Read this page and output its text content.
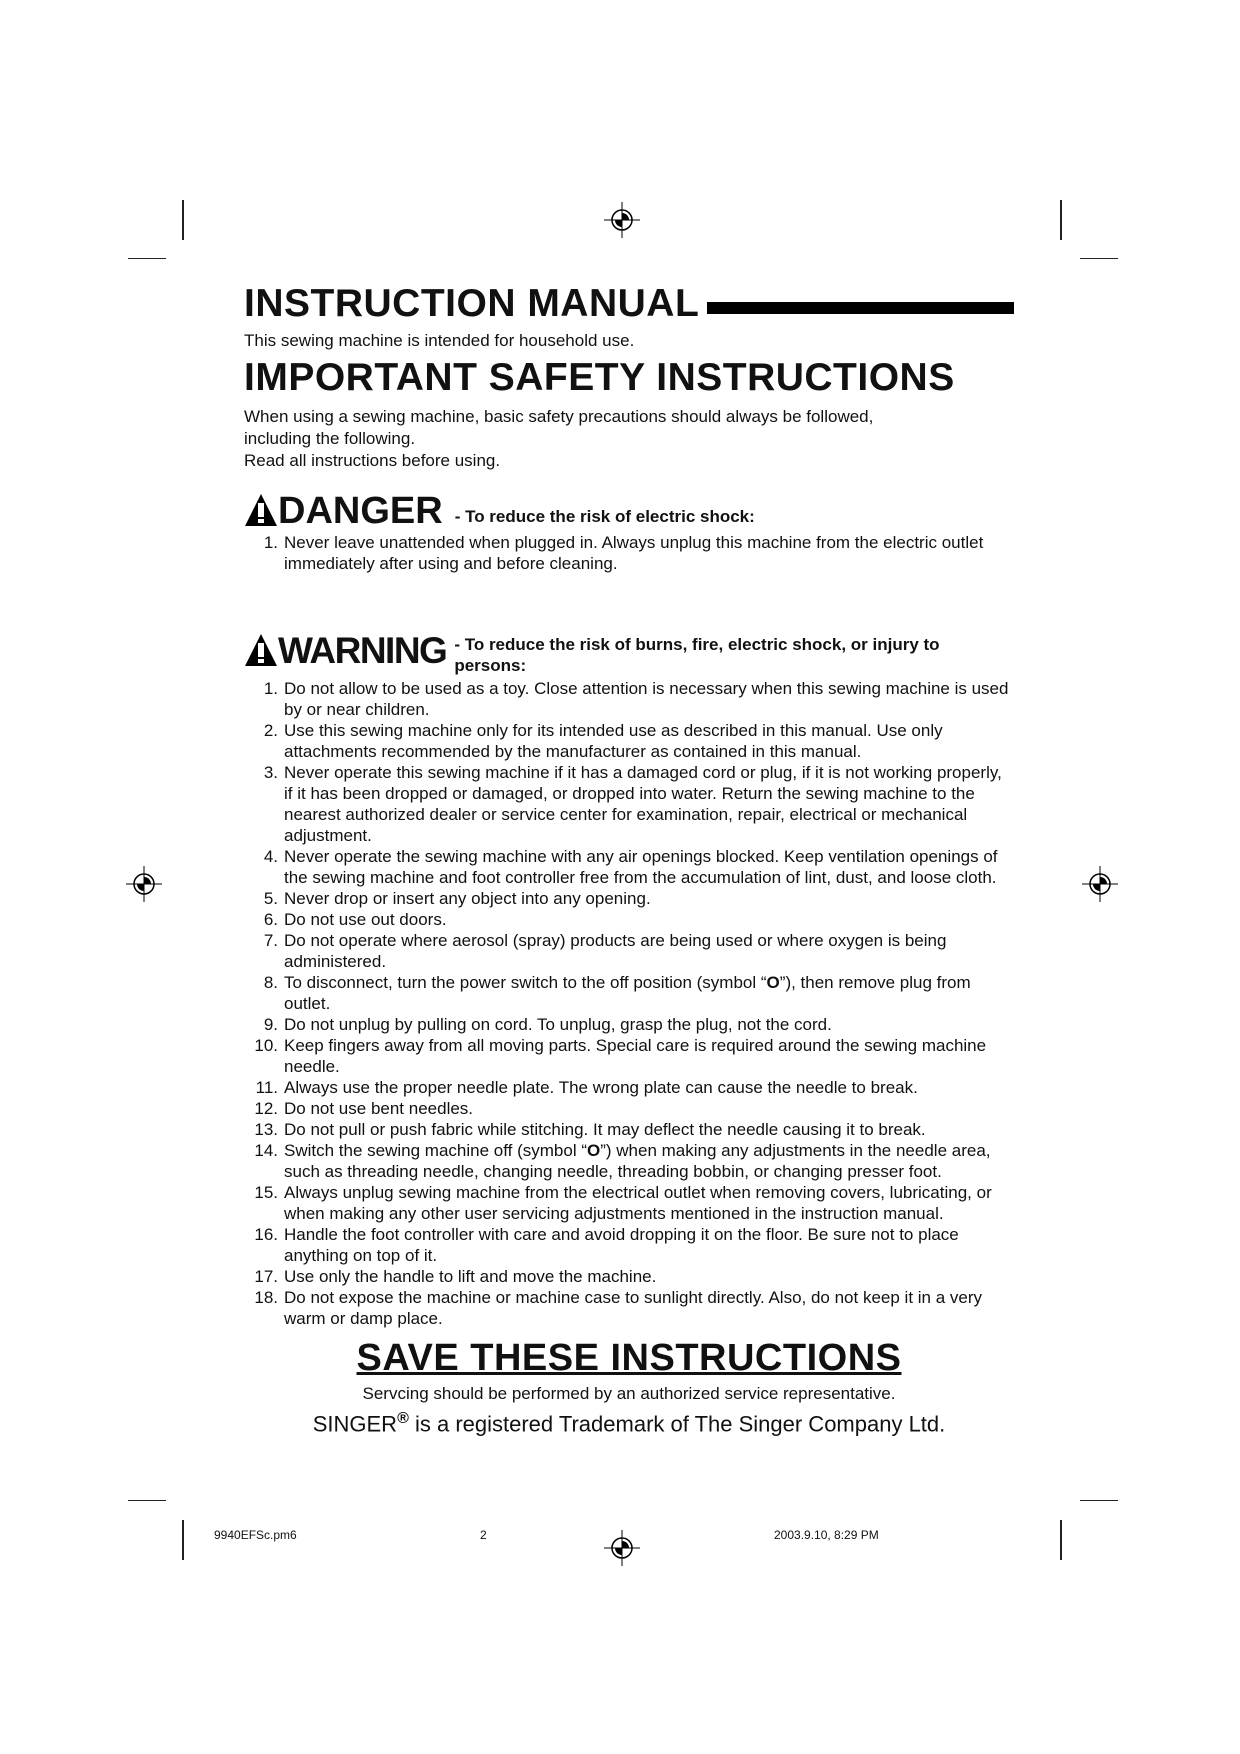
INSTRUCTION MANUAL

This sewing machine is intended for household use.

IMPORTANT SAFETY INSTRUCTIONS

When using a sewing machine, basic safety precautions should always be followed,

including the following.

Read all instructions before using.

DANGER - To reduce the risk of electric shock:
1. Never leave unattended when plugged in. Always unplug this machine from the electric outlet immediately after using and before cleaning.
WARNING - To reduce the risk of burns, fire, electric shock, or injury to persons:
1. Do not allow to be used as a toy. Close attention is necessary when this sewing machine is used by or near children.
2. Use this sewing machine only for its intended use as described in this manual. Use only attachments recommended by the manufacturer as contained in this manual.
3. Never operate this sewing machine if it has a damaged cord or plug, if it is not working properly, if it has been dropped or damaged, or dropped into water. Return the sewing machine to the nearest authorized dealer or service center for examination, repair, electrical or mechanical adjustment.
4. Never operate the sewing machine with any air openings blocked. Keep ventilation openings of the sewing machine and foot controller free from the accumulation of lint, dust, and loose cloth.
5. Never drop or insert any object into any opening.
6. Do not use out doors.
7. Do not operate where aerosol (spray) products are being used or where oxygen is being administered.
8. To disconnect, turn the power switch to the off position (symbol “O”), then remove plug from outlet.
9. Do not unplug by pulling on cord. To unplug, grasp the plug, not the cord.
10. Keep fingers away from all moving parts. Special care is required around the sewing machine needle.
11. Always use the proper needle plate. The wrong plate can cause the needle to break.
12. Do not use bent needles.
13. Do not pull or push fabric while stitching. It may deflect the needle causing it to break.
14. Switch the sewing machine off (symbol “O”) when making any adjustments in the needle area, such as threading needle, changing needle, threading bobbin, or changing presser foot.
15. Always unplug sewing machine from the electrical outlet when removing covers, lubricating, or when making any other user servicing adjustments mentioned in the instruction manual.
16. Handle the foot controller with care and avoid dropping it on the floor. Be sure not to place anything on top of it.
17. Use only the handle to lift and move the machine.
18. Do not expose the machine or machine case to sunlight directly. Also, do not keep it in a very warm or damp place.
SAVE THESE INSTRUCTIONS
Servcing should be performed by an authorized service representative.
SINGER® is a registered Trademark of The Singer Company Ltd.
9940EFSc.pm6	2	2003.9.10, 8:29 PM
